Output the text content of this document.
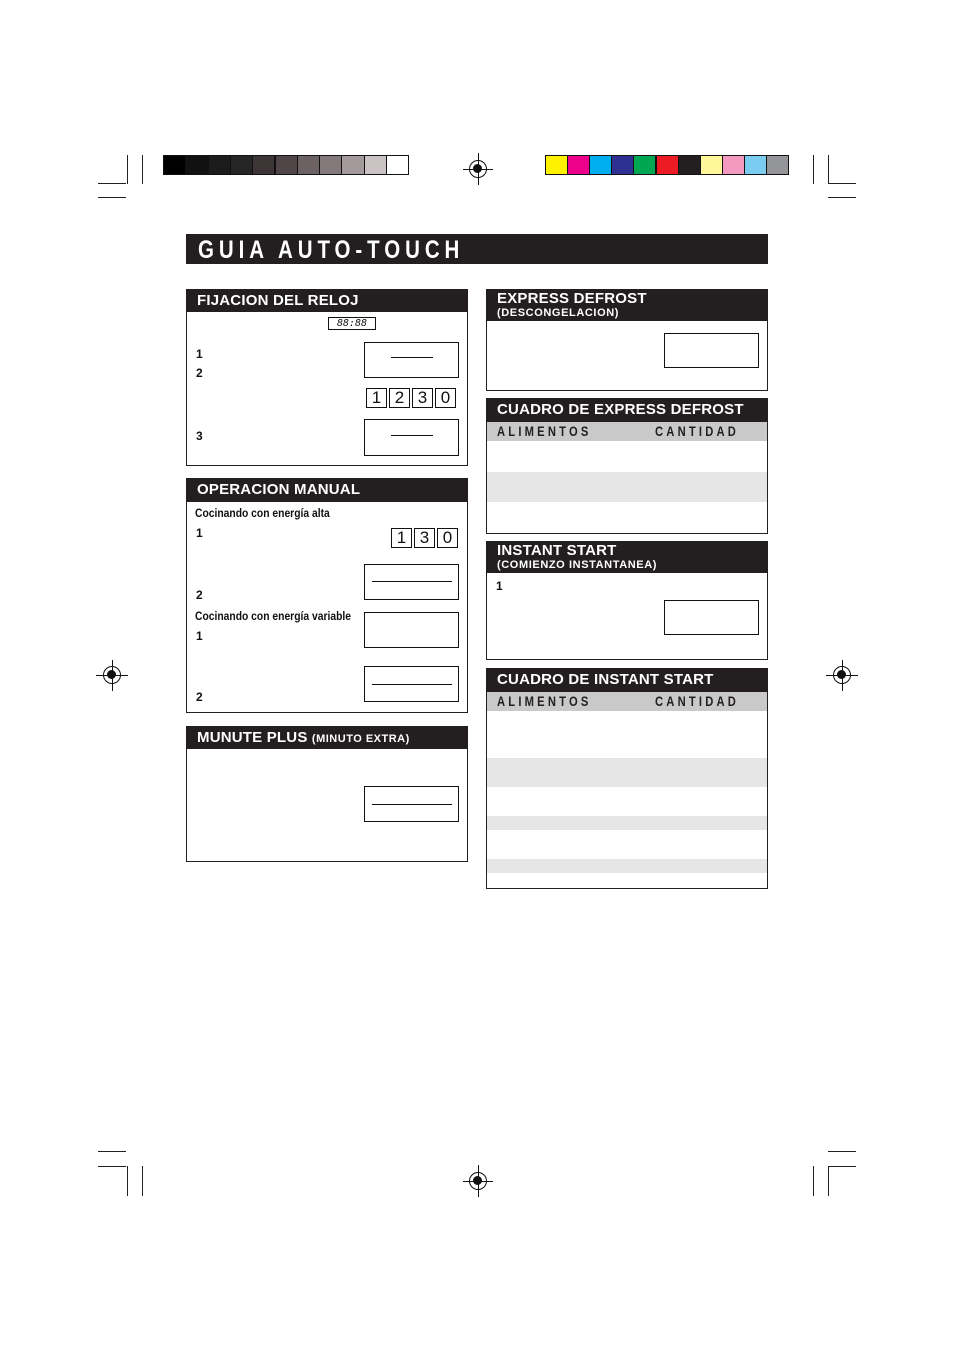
GUIA AUTO-TOUCH
FIJACION DEL RELOJ
88:88
1
2
3
1 2 3 0
OPERACION MANUAL
Cocinando con energía alta
1	1 3 0
2
Cocinando con energía variable
1
2
MUNUTE PLUS (MINUTO EXTRA)
EXPRESS DEFROST
(DESCONGELACION)
CUADRO DE EXPRESS DEFROST
ALIMENTOS	CANTIDAD
INSTANT START
(COMIENZO INSTANTANEA)
1
CUADRO DE INSTANT START
ALIMENTOS	CANTIDAD
